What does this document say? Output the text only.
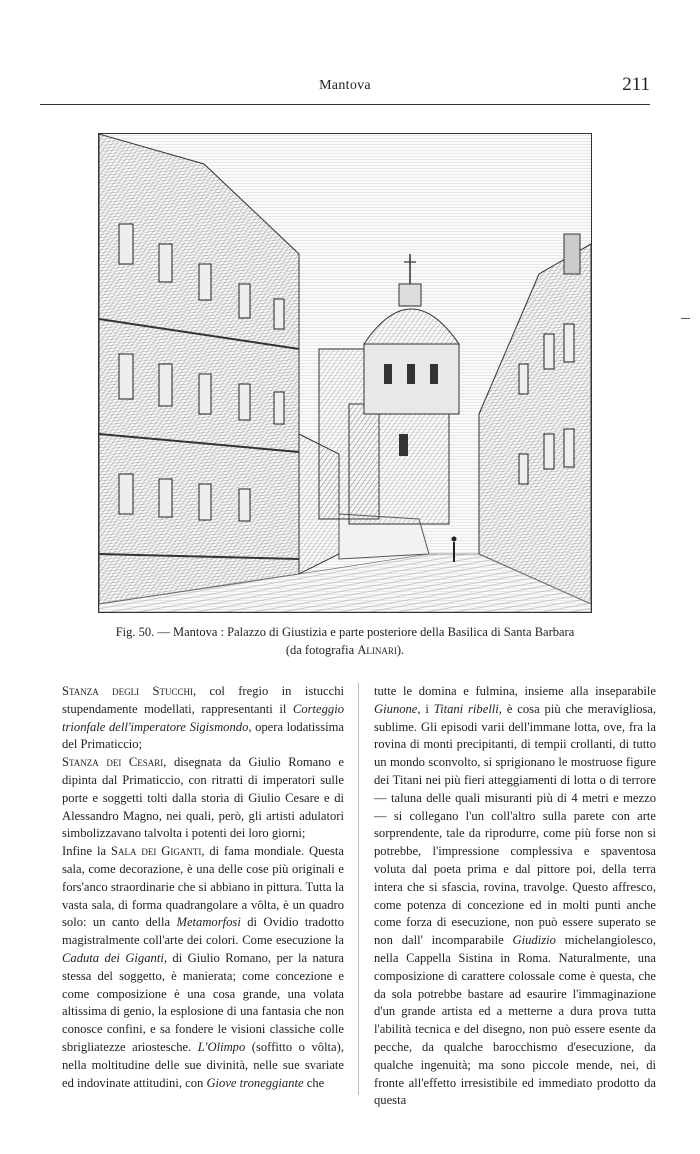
Mantova	211
Fig. 50. — Mantova : Palazzo di Giustizia e parte posteriore della Basilica di Santa Barbara
(da fotografia Alinari).

Stanza degli Stucchi, col fregio in istucchi stupendamente modellati, rappresentanti il Corteggio trionfale dell'imperatore Sigismondo, opera lodatissima del Primaticcio;

Stanza dei Cesari, disegnata da Giulio Romano e dipinta dal Primaticcio, con ritratti di imperatori sulle porte e soggetti tolti dalla storia di Giulio Cesare e di Alessandro Magno, nei quali, però, gli artisti adulatori simbolizzavano talvolta i potenti dei loro giorni;

Infine la Sala dei Giganti, di fama mondiale. Questa sala, come decorazione, è una delle cose più originali e fors'anco straordinarie che si abbiano in pittura. Tutta la vasta sala, di forma quadrangolare a vôlta, è un quadro solo: un canto della Metamorfosi di Ovidio tradotto magistralmente coll'arte dei colori. Come esecuzione la Caduta dei Giganti, di Giulio Romano, per la natura stessa del soggetto, è manierata; come concezione e come composizione è una cosa grande, una volata altissima di genio, la esplosione di una fantasia che non conosce confini, e sa fondere le visioni classiche colle sbrigliatezze ariostesche. L'Olimpo (soffitto o vôlta), nella moltitudine delle sue divinità, nelle sue svariate ed indovinate attitudini, con Giove troneggiante che

tutte le domina e fulmina, insieme alla inseparabile Giunone, i Titani ribelli, è cosa più che meravigliosa, sublime. Gli episodi varii dell'immane lotta, ove, fra la rovina di monti precipitanti, di tempii crollanti, di tutto un mondo sconvolto, si sprigionano le mostruose figure dei Titani nei più fieri atteggiamenti di lotta o di terrore — taluna delle quali misuranti più di 4 metri e mezzo — si collegano l'un coll'altro sulla parete con arte sorprendente, tale da riprodurre, come più forse non si potrebbe, l'impressione complessiva e spaventosa voluta dal poeta prima e dal pittore poi, della terra intera che si sfascia, rovina, travolge. Questo affresco, come potenza di concezione ed in molti punti anche come forza di esecuzione, non può essere superato se non dall' incomparabile Giudizio michelangiolesco, nella Cappella Sistina in Roma. Naturalmente, una composizione di carattere colossale come è questa, che da sola potrebbe bastare ad esaurire l'immaginazione d'un grande artista ed a metterne a dura prova tutta l'abilità tecnica e del disegno, non può essere esente da pecche, da qualche barocchismo d'esecuzione, da qualche ingenuità; ma sono piccole mende, nei, di fronte all'effetto irresistibile ed immediato prodotto da questa
